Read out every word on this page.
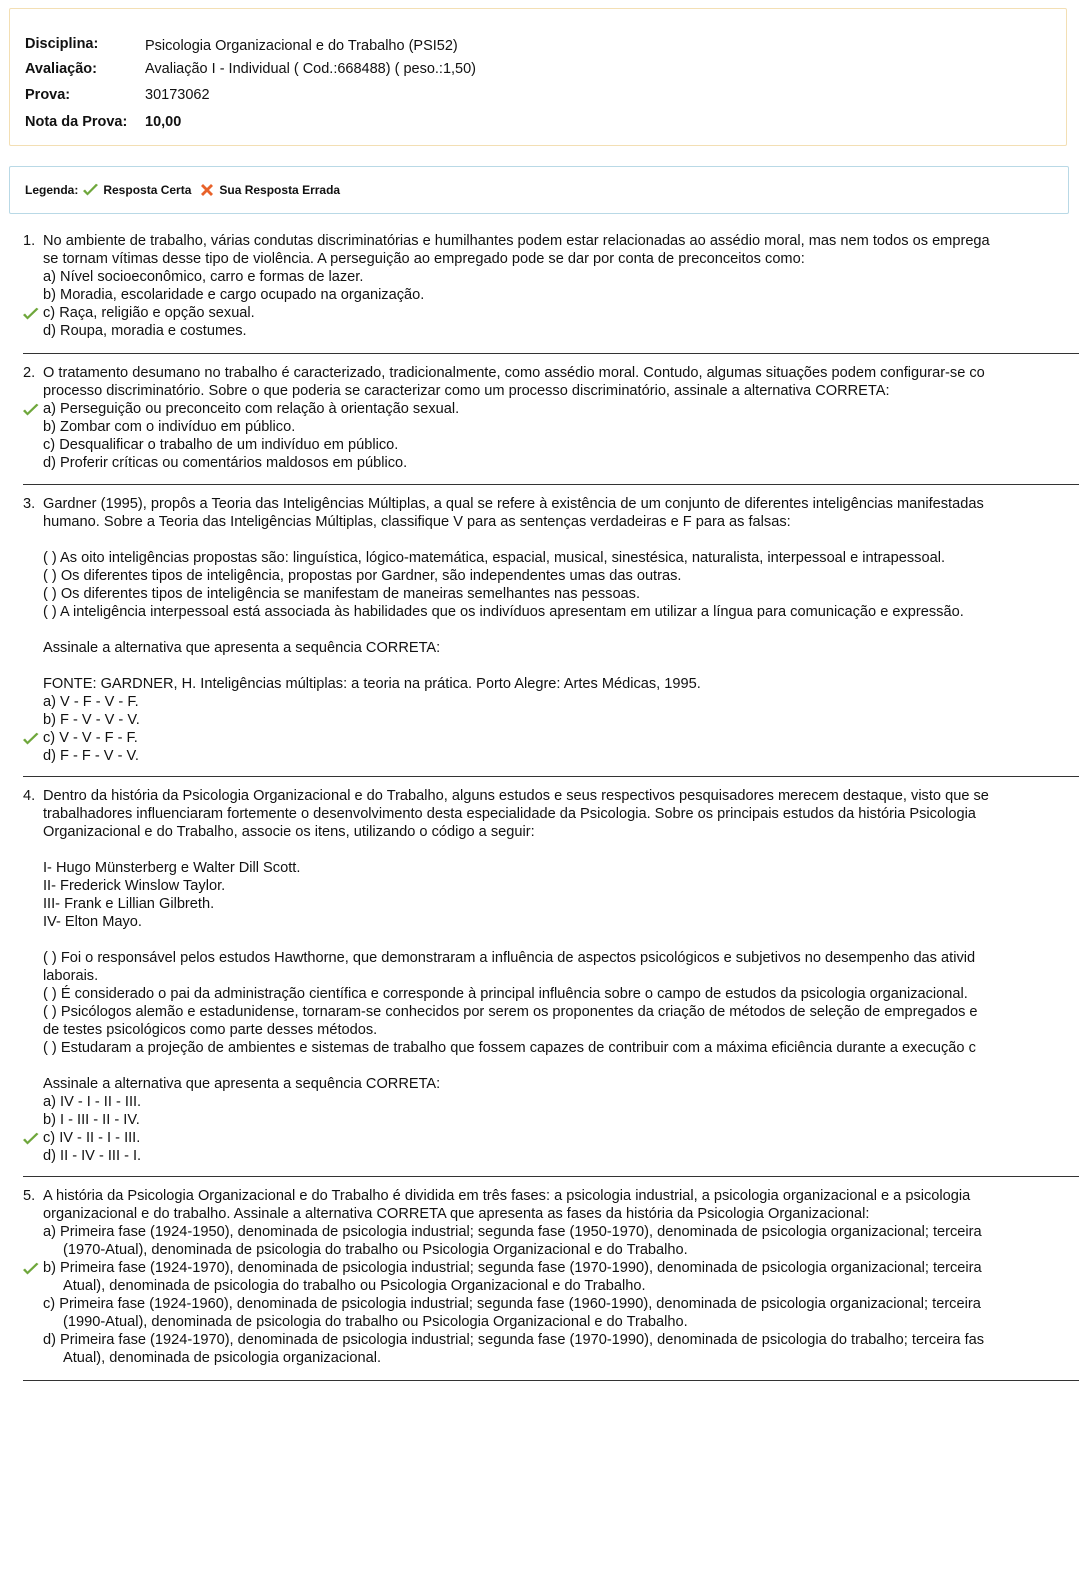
Disciplina:	Psicologia Organizacional e do Trabalho (PSI52)
Avaliação:	Avaliação I - Individual ( Cod.:668488) ( peso.:1,50)
Prova:	30173062
Nota da Prova: 10,00
Legenda: Resposta Certa Sua Resposta Errada
1. No ambiente de trabalho, várias condutas discriminatórias e humilhantes podem estar relacionadas ao assédio moral, mas nem todos os emprega
se tornam vítimas desse tipo de violência. A perseguição ao empregado pode se dar por conta de preconceitos como:
a) Nível socioeconômico, carro e formas de lazer.
b) Moradia, escolaridade e cargo ocupado na organização.
c) Raça, religião e opção sexual.
d) Roupa, moradia e costumes.
2. O tratamento desumano no trabalho é caracterizado, tradicionalmente, como assédio moral. Contudo, algumas situações podem configurar-se co
processo discriminatório. Sobre o que poderia se caracterizar como um processo discriminatório, assinale a alternativa CORRETA:
a) Perseguição ou preconceito com relação à orientação sexual.
b) Zombar com o indivíduo em público.
c) Desqualificar o trabalho de um indivíduo em público.
d) Proferir críticas ou comentários maldosos em público.
3. Gardner (1995), propôs a Teoria das Inteligências Múltiplas, a qual se refere à existência de um conjunto de diferentes inteligências manifestadas
humano. Sobre a Teoria das Inteligências Múltiplas, classifique V para as sentenças verdadeiras e F para as falsas:
( ) As oito inteligências propostas são: linguística, lógico-matemática, espacial, musical, sinestésica, naturalista, interpessoal e intrapessoal.
( ) Os diferentes tipos de inteligência, propostas por Gardner, são independentes umas das outras.
( ) Os diferentes tipos de inteligência se manifestam de maneiras semelhantes nas pessoas.
( ) A inteligência interpessoal está associada às habilidades que os indivíduos apresentam em utilizar a língua para comunicação e expressão.
Assinale a alternativa que apresenta a sequência CORRETA:
FONTE: GARDNER, H. Inteligências múltiplas: a teoria na prática. Porto Alegre: Artes Médicas, 1995.
a) V - F - V - F.
b) F - V - V - V.
c) V - V - F - F.
d) F - F - V - V.
4. Dentro da história da Psicologia Organizacional e do Trabalho, alguns estudos e seus respectivos pesquisadores merecem destaque, visto que se
trabalhadores influenciaram fortemente o desenvolvimento desta especialidade da Psicologia. Sobre os principais estudos da história Psicologia
Organizacional e do Trabalho, associe os itens, utilizando o código a seguir:
I- Hugo Münsterberg e Walter Dill Scott.
II- Frederick Winslow Taylor.
III- Frank e Lillian Gilbreth.
IV- Elton Mayo.
( ) Foi o responsável pelos estudos Hawthorne, que demonstraram a influência de aspectos psicológicos e subjetivos no desempenho das ativid
laborais.
( ) É considerado o pai da administração científica e corresponde à principal influência sobre o campo de estudos da psicologia organizacional.
( ) Psicólogos alemão e estadunidense, tornaram-se conhecidos por serem os proponentes da criação de métodos de seleção de empregados e
de testes psicológicos como parte desses métodos.
( ) Estudaram a projeção de ambientes e sistemas de trabalho que fossem capazes de contribuir com a máxima eficiência durante a execução c
Assinale a alternativa que apresenta a sequência CORRETA:
a) IV - I - II - III.
b) I - III - II - IV.
c) IV - II - I - III.
d) II - IV - III - I.
5. A história da Psicologia Organizacional e do Trabalho é dividida em três fases: a psicologia industrial, a psicologia organizacional e a psicologia
organizacional e do trabalho. Assinale a alternativa CORRETA que apresenta as fases da história da Psicologia Organizacional:
a) Primeira fase (1924-1950), denominada de psicologia industrial; segunda fase (1950-1970), denominada de psicologia organizacional; terceira
(1970-Atual), denominada de psicologia do trabalho ou Psicologia Organizacional e do Trabalho.
b) Primeira fase (1924-1970), denominada de psicologia industrial; segunda fase (1970-1990), denominada de psicologia organizacional; terceira
Atual), denominada de psicologia do trabalho ou Psicologia Organizacional e do Trabalho.
c) Primeira fase (1924-1960), denominada de psicologia industrial; segunda fase (1960-1990), denominada de psicologia organizacional; terceira
(1990-Atual), denominada de psicologia do trabalho ou Psicologia Organizacional e do Trabalho.
d) Primeira fase (1924-1970), denominada de psicologia industrial; segunda fase (1970-1990), denominada de psicologia do trabalho; terceira fas
Atual), denominada de psicologia organizacional.
